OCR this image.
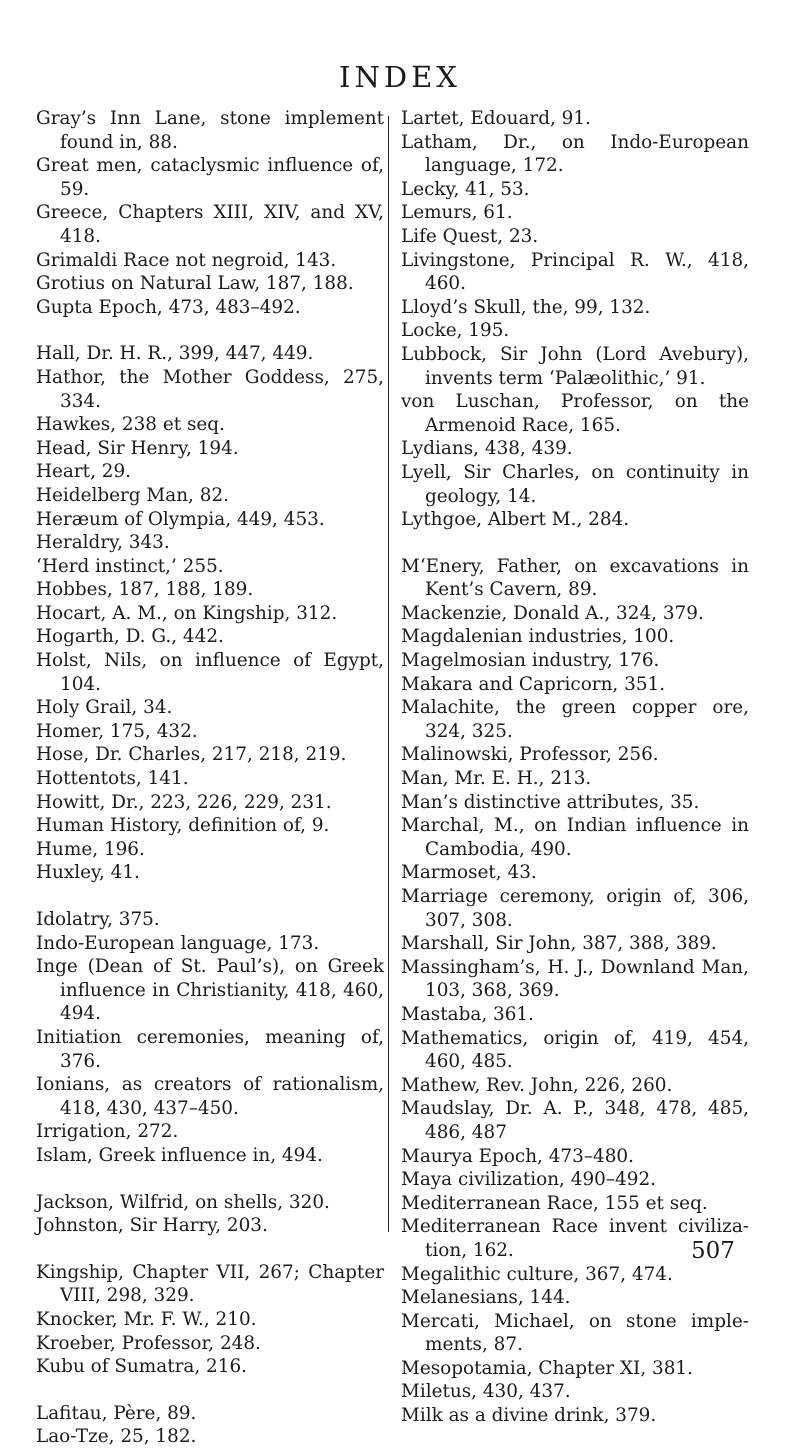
INDEX
Gray’s Inn Lane, stone implement found in, 88.
Great men, cataclysmic influence of, 59.
Greece, Chapters XIII, XIV, and XV, 418.
Grimaldi Race not negroid, 143.
Grotius on Natural Law, 187, 188.
Gupta Epoch, 473, 483–492.
Hall, Dr. H. R., 399, 447, 449.
Hathor, the Mother Goddess, 275, 334.
Hawkes, 238 et seq.
Head, Sir Henry, 194.
Heart, 29.
Heidelberg Man, 82.
Heræum of Olympia, 449, 453.
Heraldry, 343.
‘Herd instinct,’ 255.
Hobbes, 187, 188, 189.
Hocart, A. M., on Kingship, 312.
Hogarth, D. G., 442.
Holst, Nils, on influence of Egypt, 104.
Holy Grail, 34.
Homer, 175, 432.
Hose, Dr. Charles, 217, 218, 219.
Hottentots, 141.
Howitt, Dr., 223, 226, 229, 231.
Human History, definition of, 9.
Hume, 196.
Huxley, 41.
Idolatry, 375.
Indo-European language, 173.
Inge (Dean of St. Paul’s), on Greek influence in Christianity, 418, 460, 494.
Initiation ceremonies, meaning of, 376.
Ionians, as creators of rationalism, 418, 430, 437–450.
Irrigation, 272.
Islam, Greek influence in, 494.
Jackson, Wilfrid, on shells, 320.
Johnston, Sir Harry, 203.
Kingship, Chapter VII, 267; Chapter VIII, 298, 329.
Knocker, Mr. F. W., 210.
Kroeber, Professor, 248.
Kubu of Sumatra, 216.
Lafitau, Père, 89.
Lao-Tze, 25, 182.
Lartet, Edouard, 91.
Latham, Dr., on Indo-European language, 172.
Lecky, 41, 53.
Lemurs, 61.
Life Quest, 23.
Livingstone, Principal R. W., 418, 460.
Lloyd’s Skull, the, 99, 132.
Locke, 195.
Lubbock, Sir John (Lord Avebury), invents term ‘Palæolithic,’ 91.
von Luschan, Professor, on the Armenoid Race, 165.
Lydians, 438, 439.
Lyell, Sir Charles, on continuity in geology, 14.
Lythgoe, Albert M., 284.
M‘Enery, Father, on excavations in Kent’s Cavern, 89.
Mackenzie, Donald A., 324, 379.
Magdalenian industries, 100.
Magelmosian industry, 176.
Makara and Capricorn, 351.
Malachite, the green copper ore, 324, 325.
Malinowski, Professor, 256.
Man, Mr. E. H., 213.
Man’s distinctive attributes, 35.
Marchal, M., on Indian influence in Cambodia, 490.
Marmoset, 43.
Marriage ceremony, origin of, 306, 307, 308.
Marshall, Sir John, 387, 388, 389.
Massingham’s, H. J., Downland Man, 103, 368, 369.
Mastaba, 361.
Mathematics, origin of, 419, 454, 460, 485.
Mathew, Rev. John, 226, 260.
Maudslay, Dr. A. P., 348, 478, 485, 486, 487
Maurya Epoch, 473–480.
Maya civilization, 490–492.
Mediterranean Race, 155 et seq.
Mediterranean Race invent civiliza-tion, 162.
Megalithic culture, 367, 474.
Melanesians, 144.
Mercati, Michael, on stone imple-ments, 87.
Mesopotamia, Chapter XI, 381.
Miletus, 430, 437.
Milk as a divine drink, 379.
507
